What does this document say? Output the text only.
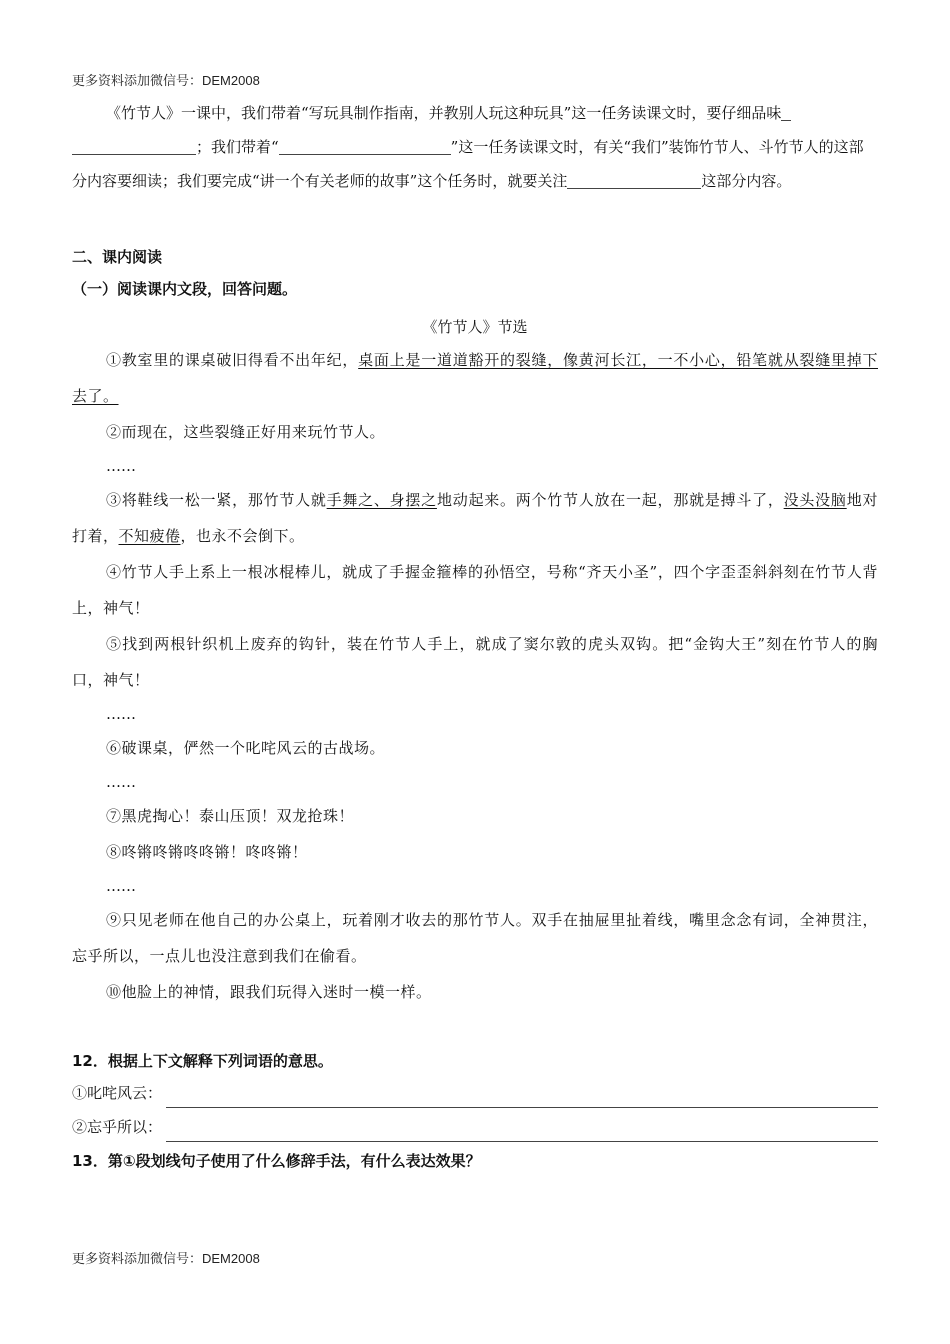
更多资料添加微信号：DEM2008

《竹节人》一课中，我们带着“写玩具制作指南，并教别人玩这种玩具”这一任务读课文时，要仔细品味
；我们带着“	”这一任务读课文时，有关“我们”装饰竹节人、斗竹节人的这部分内容要细读；我们要完成“讲一个有关老师的故事”这个任务时，就要关注	这部分内容。

二、课内阅读

（一）阅读课内文段，回答问题。

《竹节人》节选

①教室里的课桌破旧得看不出年纪，桌面上是一道道豁开的裂缝，像黄河长江，一不小心，铅笔就从裂缝里掉下去了。

②而现在，这些裂缝正好用来玩竹节人。

……

③将鞋线一松一紧，那竹节人就手舞之、身摆之地动起来。两个竹节人放在一起，那就是搏斗了，没头没脑地对打着，不知疲倦，也永不会倒下。

④竹节人手上系上一根冰棍棒儿，就成了手握金箍棒的孙悟空，号称“齐天小圣”，四个字歪歪斜斜刻在竹节人背上，神气！

⑤找到两根针织机上废弃的钩针，装在竹节人手上，就成了窦尔敦的虎头双钩。把“金钩大王”刻在竹节人的胸口，神气！

……

⑥破课桌，俨然一个叱咤风云的古战场。

……

⑦黑虎掏心！泰山压顶！双龙抢珠！

⑧咚锵咚锵咚咚锵！咚咚锵！

……

⑨只见老师在他自己的办公桌上，玩着刚才收去的那竹节人。双手在抽屉里扯着线，嘴里念念有词，全神贯注，忘乎所以，一点儿也没注意到我们在偷看。

⑩他脸上的神情，跟我们玩得入迷时一模一样。

12．根据上下文解释下列词语的意思。

①叱咤风云：
②忘乎所以：

13．第①段划线句子使用了什么修辞手法，有什么表达效果？

更多资料添加微信号：DEM2008
